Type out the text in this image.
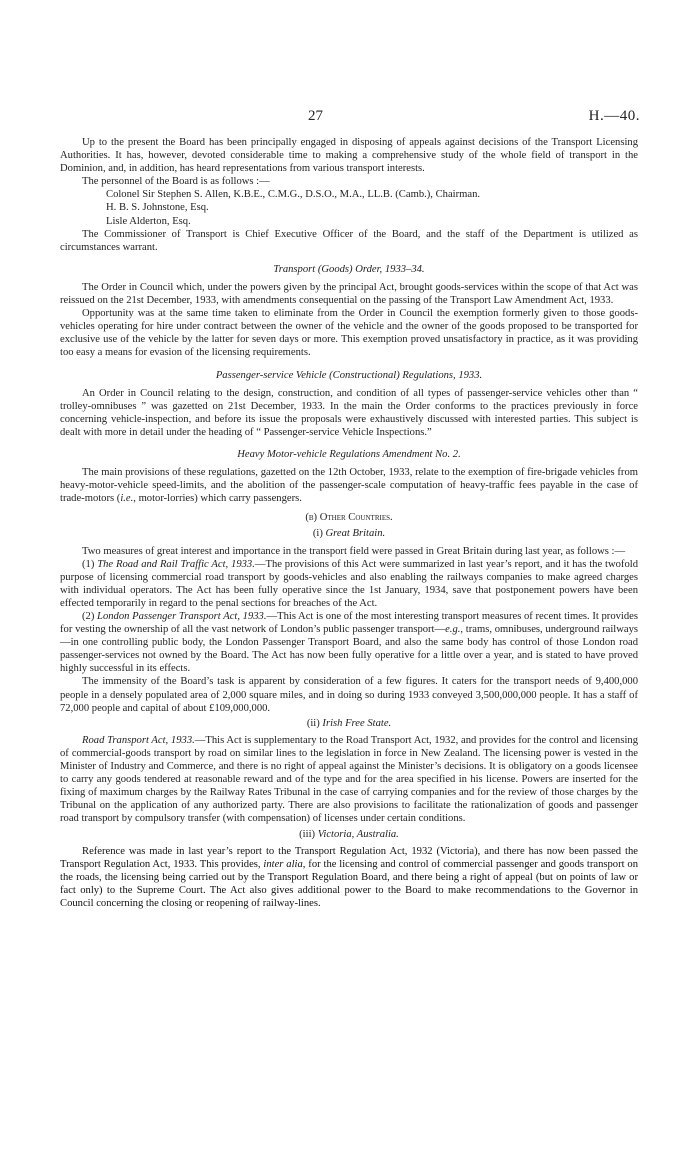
27	H.—40.

Up to the present the Board has been principally engaged in disposing of appeals against decisions of the Transport Licensing Authorities. It has, however, devoted considerable time to making a comprehensive study of the whole field of transport in the Dominion, and, in addition, has heard representations from various transport interests.

The personnel of the Board is as follows :—

Colonel Sir Stephen S. Allen, K.B.E., C.M.G., D.S.O., M.A., LL.B. (Camb.), Chairman.
H. B. S. Johnstone, Esq.
Lisle Alderton, Esq.

The Commissioner of Transport is Chief Executive Officer of the Board, and the staff of the Department is utilized as circumstances warrant.

Transport (Goods) Order, 1933–34.

The Order in Council which, under the powers given by the principal Act, brought goods-services within the scope of that Act was reissued on the 21st December, 1933, with amendments consequential on the passing of the Transport Law Amendment Act, 1933.

Opportunity was at the same time taken to eliminate from the Order in Council the exemption formerly given to those goods-vehicles operating for hire under contract between the owner of the vehicle and the owner of the goods proposed to be transported for exclusive use of the vehicle by the latter for seven days or more. This exemption proved unsatisfactory in practice, as it was providing too easy a means for evasion of the licensing requirements.

Passenger-service Vehicle (Constructional) Regulations, 1933.

An Order in Council relating to the design, construction, and condition of all types of passenger-service vehicles other than “ trolley-omnibuses ” was gazetted on 21st December, 1933. In the main the Order conforms to the practices previously in force concerning vehicle-inspection, and before its issue the proposals were exhaustively discussed with interested parties. This subject is dealt with more in detail under the heading of “ Passenger-service Vehicle Inspections.”

Heavy Motor-vehicle Regulations Amendment No. 2.

The main provisions of these regulations, gazetted on the 12th October, 1933, relate to the exemption of fire-brigade vehicles from heavy-motor-vehicle speed-limits, and the abolition of the passenger-scale computation of heavy-traffic fees payable in the case of trade-motors (i.e., motor-lorries) which carry passengers.

(b) Other Countries.
(i) Great Britain.

Two measures of great interest and importance in the transport field were passed in Great Britain during last year, as follows :—

(1) The Road and Rail Traffic Act, 1933.—The provisions of this Act were summarized in last year’s report, and it has the twofold purpose of licensing commercial road transport by goods-vehicles and also enabling the railways companies to make agreed charges with individual operators. The Act has been fully operative since the 1st January, 1934, save that postponement powers have been effected temporarily in regard to the penal sections for breaches of the Act.

(2) London Passenger Transport Act, 1933.—This Act is one of the most interesting transport measures of recent times. It provides for vesting the ownership of all the vast network of London’s public passenger transport—e.g., trams, omnibuses, underground railways—in one controlling public body, the London Passenger Transport Board, and also the same body has control of those London road passenger-services not owned by the Board. The Act has now been fully operative for a little over a year, and is stated to have proved highly successful in its effects.

The immensity of the Board’s task is apparent by consideration of a few figures. It caters for the transport needs of 9,400,000 people in a densely populated area of 2,000 square miles, and in doing so during 1933 conveyed 3,500,000,000 people. It has a staff of 72,000 people and capital of about £109,000,000.

(ii) Irish Free State.

Road Transport Act, 1933.—This Act is supplementary to the Road Transport Act, 1932, and provides for the control and licensing of commercial-goods transport by road on similar lines to the legislation in force in New Zealand. The licensing power is vested in the Minister of Industry and Commerce, and there is no right of appeal against the Minister’s decisions. It is obligatory on a goods licensee to carry any goods tendered at reasonable reward and of the type and for the area specified in his license. Powers are inserted for the fixing of maximum charges by the Railway Rates Tribunal in the case of carrying companies and for the review of those charges by the Tribunal on the application of any authorized party. There are also provisions to facilitate the rationalization of goods and passenger road transport by compulsory transfer (with compensation) of licenses under certain conditions.

(iii) Victoria, Australia.

Reference was made in last year’s report to the Transport Regulation Act, 1932 (Victoria), and there has now been passed the Transport Regulation Act, 1933. This provides, inter alia, for the licensing and control of commercial passenger and goods transport on the roads, the licensing being carried out by the Transport Regulation Board, and there being a right of appeal (but on points of law or fact only) to the Supreme Court. The Act also gives additional power to the Board to make recommendations to the Governor in Council concerning the closing or reopening of railway-lines.
